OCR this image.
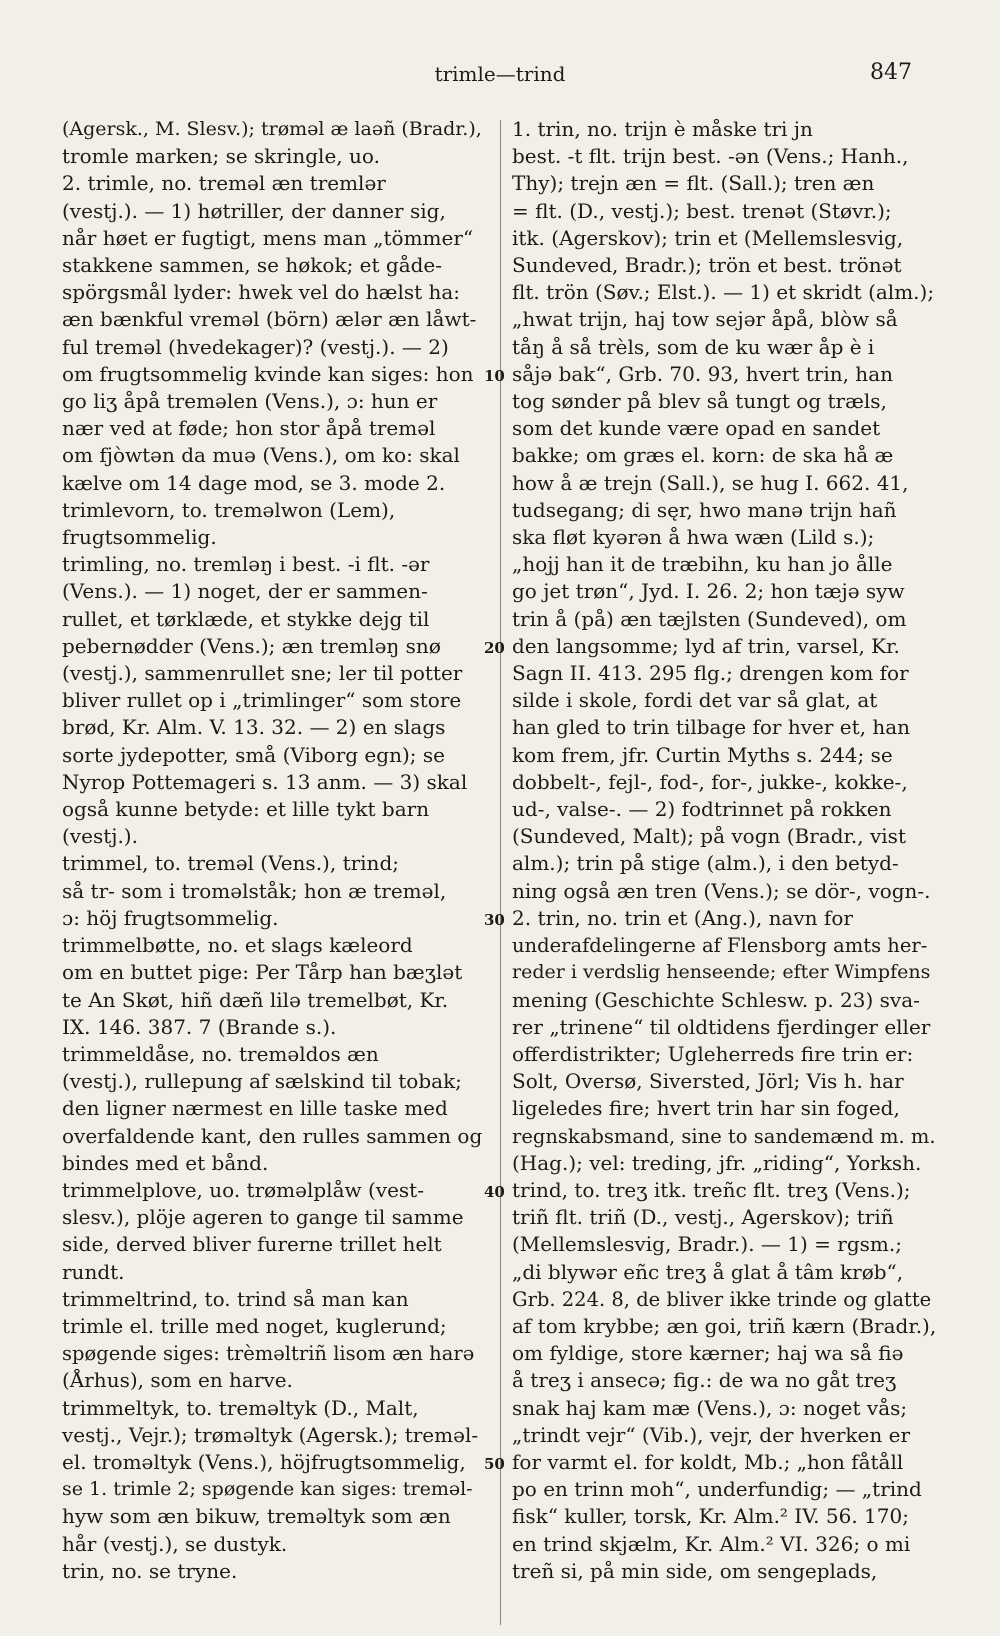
trimle—trind	847

(Agersk., M. Slesv.); trøməl æ laəñ (Bradr.),

tromle marken; se skringle, uo.

2. trimle, no. treməl æn tremlər

(vestj.). — 1) høtriller, der danner sig,

når høet er fugtigt, mens man „tömmer“

stakkene sammen, se høkok; et gåde-

spörgsmål lyder: hwek vel do hælst ha:

æn bænkful vreməl (börn) ælər æn låwt-

ful treməl (hvedekager)? (vestj.). — 2)

om frugtsommelig kvinde kan siges: hon

go liʒ åpå treməlen (Vens.), ɔ: hun er

nær ved at føde; hon stor åpå treməl

om fjòwtən da muə (Vens.), om ko: skal

kælve om 14 dage mod, se 3. mode 2.

trimlevorn, to. treməlwon (Lem),

frugtsommelig.

trimling, no. tremləŋ i best. -i flt. -ər

(Vens.). — 1) noget, der er sammen-

rullet, et tørklæde, et stykke dejg til

pebernødder (Vens.); æn tremləŋ snø

(vestj.), sammenrullet sne; ler til potter

bliver rullet op i „trimlinger“ som store

brød, Kr. Alm. V. 13. 32. — 2) en slags

sorte jydepotter, små (Viborg egn); se

Nyrop Pottemageri s. 13 anm. — 3) skal

også kunne betyde: et lille tykt barn

(vestj.).

trimmel, to. treməl (Vens.), trind;

så tr- som i troməlståk; hon æ treməl,

ɔ: höj frugtsommelig.

trimmelbøtte, no. et slags kæleord

om en buttet pige: Per Tårp han bæʒlət

te An Skøt, hiñ dæñ lilə tremelbøt, Kr.

IX. 146. 387. 7 (Brande s.).

trimmeldåse, no. treməldos æn

(vestj.), rullepung af sælskind til tobak;

den ligner nærmest en lille taske med

overfaldende kant, den rulles sammen og

bindes med et bånd.

trimmelplove, uo. trøməlplåw (vest-

slesv.), plöje ageren to gange til samme

side, derved bliver furerne trillet helt

rundt.

trimmeltrind, to. trind så man kan

trimle el. trille med noget, kuglerund;

spøgende siges: trèməltriñ lisom æn harə

(Århus), som en harve.

trimmeltyk, to. treməltyk (D., Malt,

vestj., Vejr.); trøməltyk (Agersk.); treməl-

el. troməltyk (Vens.), höjfrugtsommelig,

se 1. trimle 2; spøgende kan siges: treməl-

hyw som æn bikuw, treməltyk som æn

hår (vestj.), se dustyk.

trin, no. se tryne.

10
20
30
40
50

1. trin, no. trijn è måske tri jn

best. -t flt. trijn best. -ən (Vens.; Hanh.,

Thy); trejn æn = flt. (Sall.); tren æn

= flt. (D., vestj.); best. trenət (Støvr.);

itk. (Agerskov); trin et (Mellemslesvig,

Sundeved, Bradr.); trön et best. trönət

flt. trön (Søv.; Elst.). — 1) et skridt (alm.);

„hwat trijn, haj tow sejər åpå, blòw så

tåŋ å så trèls, som de ku wær åp è i

såjə bak“, Grb. 70. 93, hvert trin, han

tog sønder på blev så tungt og træls,

som det kunde være opad en sandet

bakke; om græs el. korn: de ska hå æ

how å æ trejn (Sall.), se hug I. 662. 41,

tudsegang; di sęr, hwo manə trijn hañ

ska fløt kyərən å hwa wæn (Lild s.);

„hojj han it de træbihn, ku han jo ålle

go jet trøn“, Jyd. I. 26. 2; hon tæjə syw

trin å (på) æn tæjlsten (Sundeved), om

den langsomme; lyd af trin, varsel, Kr.

Sagn II. 413. 295 flg.; drengen kom for

silde i skole, fordi det var så glat, at

han gled to trin tilbage for hver et, han

kom frem, jfr. Curtin Myths s. 244; se

dobbelt-, fejl-, fod-, for-, jukke-, kokke-,

ud-, valse-. — 2) fodtrinnet på rokken

(Sundeved, Malt); på vogn (Bradr., vist

alm.); trin på stige (alm.), i den betyd-

ning også æn tren (Vens.); se dör-, vogn-.

2. trin, no. trin et (Ang.), navn for

underafdelingerne af Flensborg amts her-

reder i verdslig henseende; efter Wimpfens

mening (Geschichte Schlesw. p. 23) sva-

rer „trinene“ til oldtidens fjerdinger eller

offerdistrikter; Ugleherreds fire trin er:

Solt, Oversø, Siversted, Jörl; Vis h. har

ligeledes fire; hvert trin har sin foged,

regnskabsmand, sine to sandemænd m. m.

(Hag.); vel: treding, jfr. „riding“, Yorksh.

trind, to. treʒ itk. treñc flt. treʒ (Vens.);

triñ flt. triñ (D., vestj., Agerskov); triñ

(Mellemslesvig, Bradr.). — 1) = rgsm.;

„di blywər eñc treʒ å glat å tâm krøb“,

Grb. 224. 8, de bliver ikke trinde og glatte

af tom krybbe; æn goi, triñ kærn (Bradr.),

om fyldige, store kærner; haj wa så fiə

å treʒ i ansecə; fig.: de wa no gåt treʒ

snak haj kam mæ (Vens.), ɔ: noget vås;

„trindt vejr“ (Vib.), vejr, der hverken er

for varmt el. for koldt, Mb.; „hon fåtåll

po en trinn moh“, underfundig; — „trind

fisk“ kuller, torsk, Kr. Alm.² IV. 56. 170;

en trind skjælm, Kr. Alm.² VI. 326; o mi

treñ si, på min side, om sengeplads,
